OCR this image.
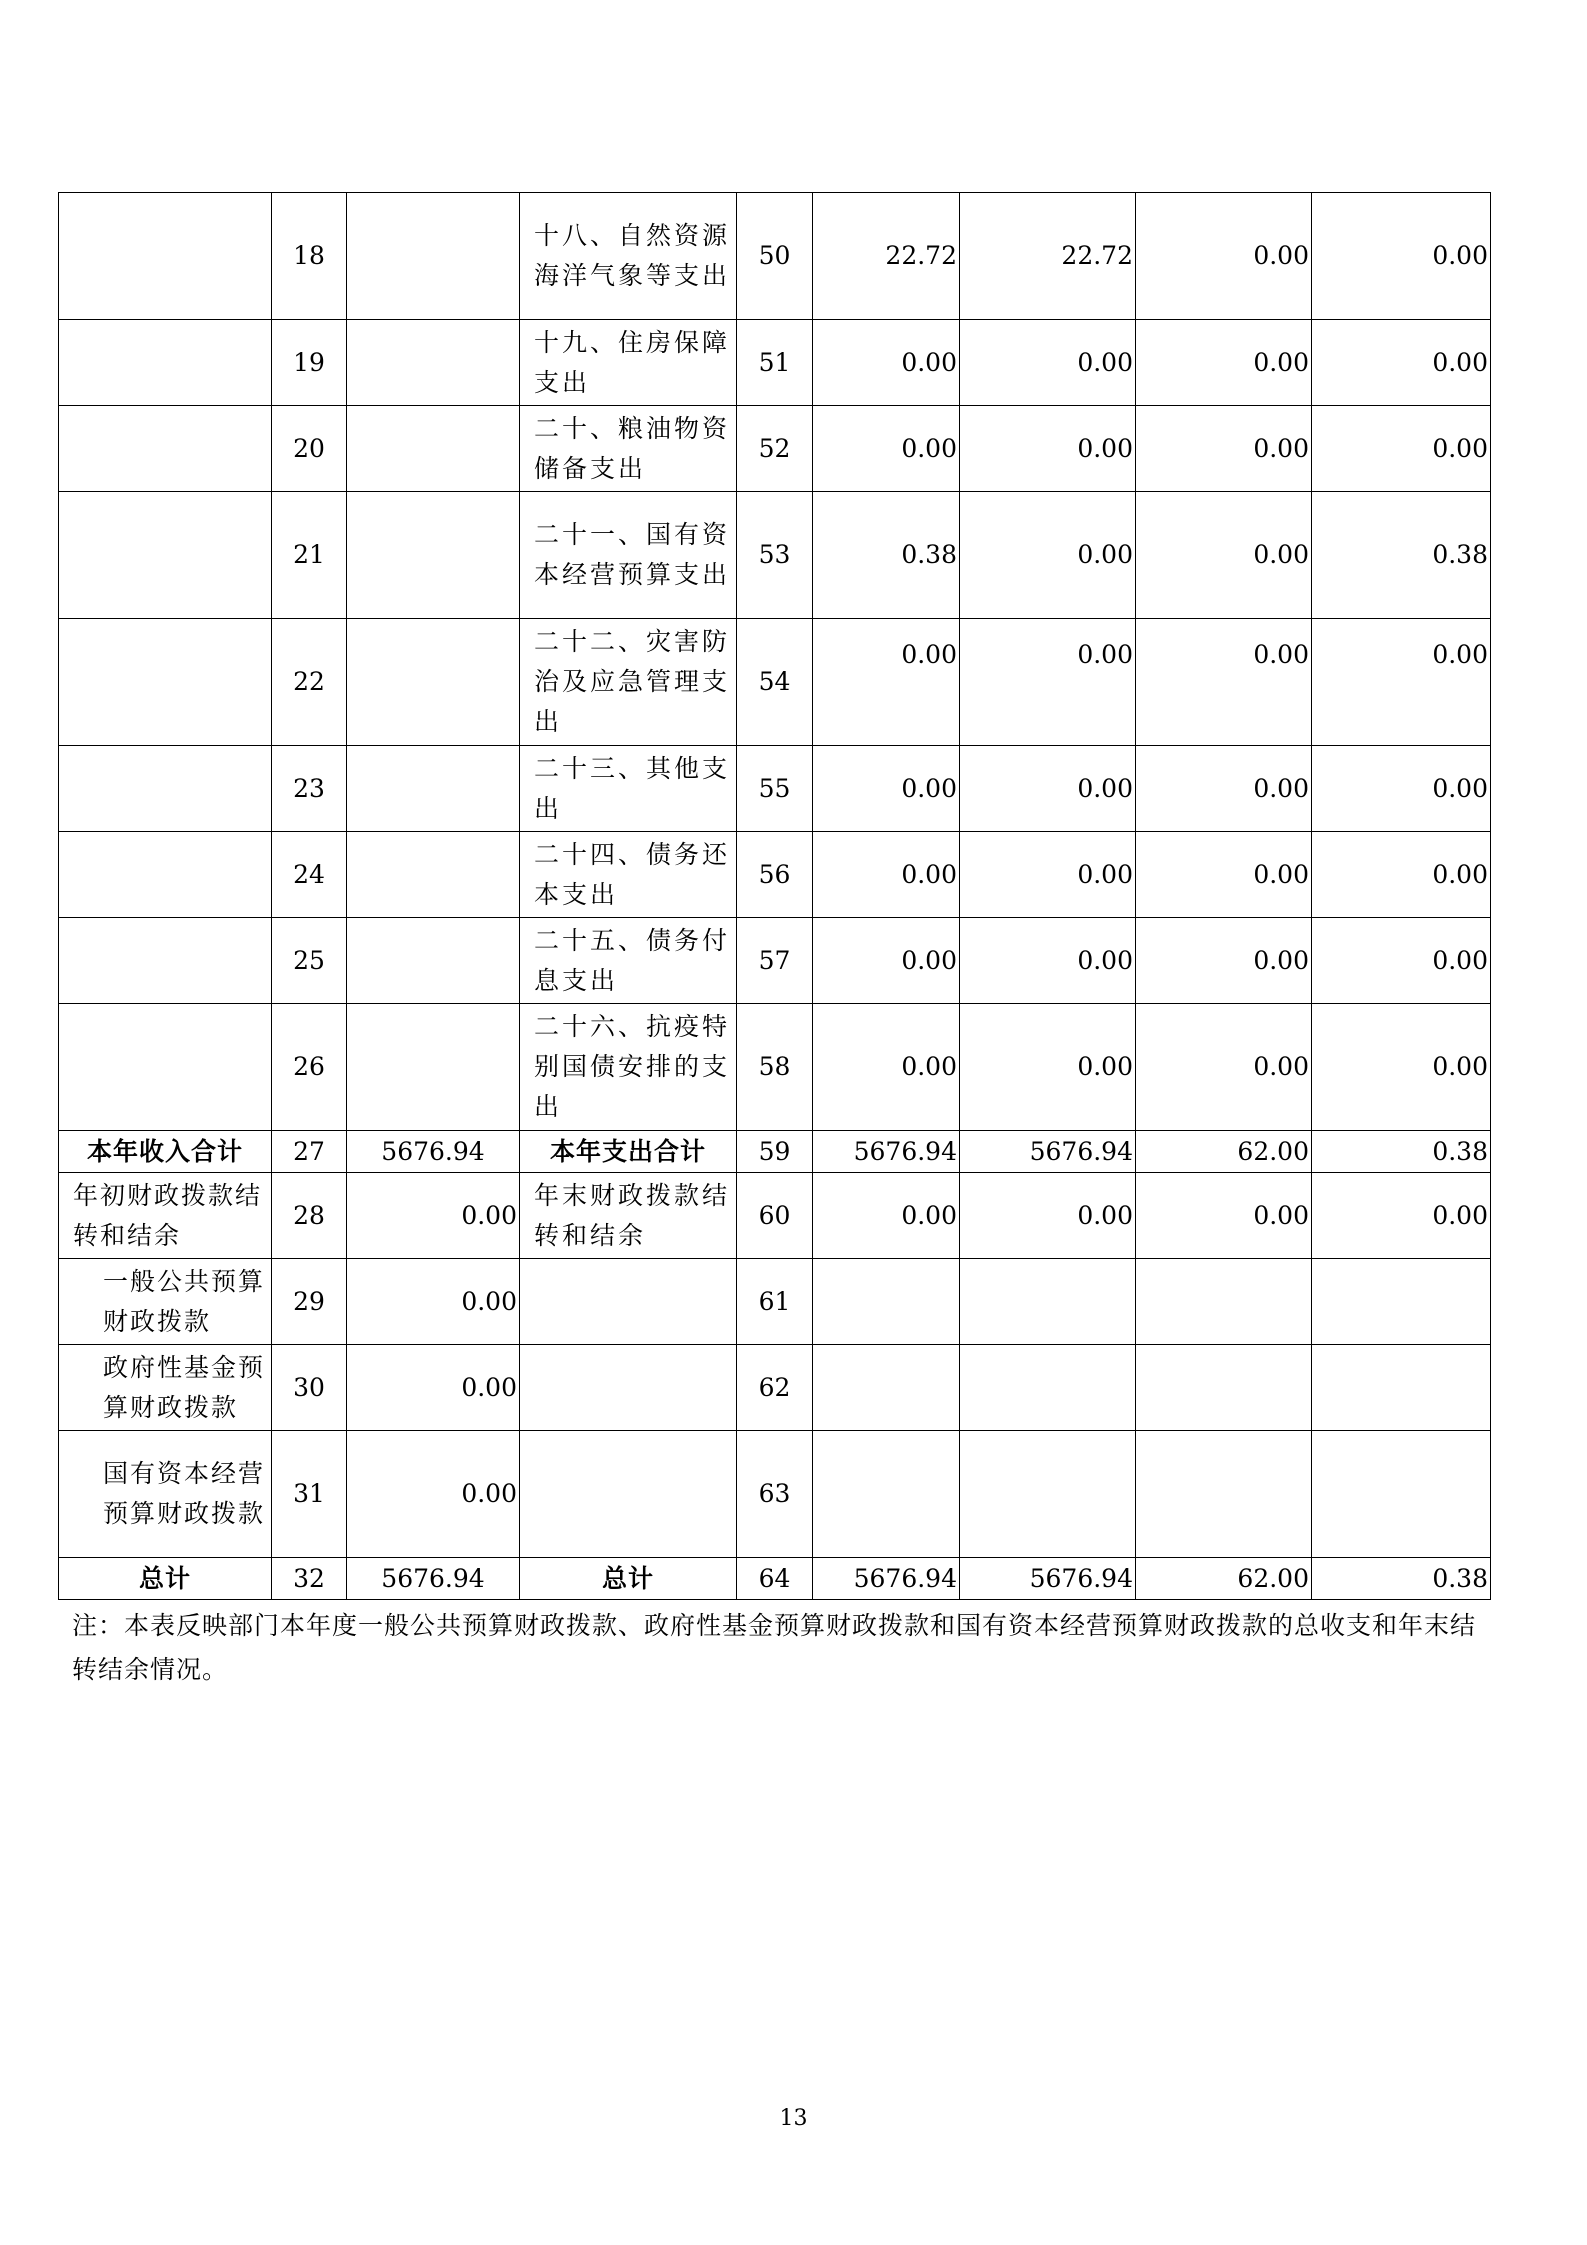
	18		十八、自然资源海洋气象等支出	50	22.72	22.72	0.00	0.00
	19		十九、住房保障支出	51	0.00	0.00	0.00	0.00
	20		二十、粮油物资储备支出	52	0.00	0.00	0.00	0.00
	21		二十一、国有资本经营预算支出	53	0.38	0.00	0.00	0.38
	22		二十二、灾害防治及应急管理支出	54	0.00	0.00	0.00	0.00
	23		二十三、其他支出	55	0.00	0.00	0.00	0.00
	24		二十四、债务还本支出	56	0.00	0.00	0.00	0.00
	25		二十五、债务付息支出	57	0.00	0.00	0.00	0.00
	26		二十六、抗疫特别国债安排的支出	58	0.00	0.00	0.00	0.00
本年收入合计	27	5676.94	本年支出合计	59	5676.94	5676.94	62.00	0.38
年初财政拨款结转和结余	28	0.00	年末财政拨款结转和结余	60	0.00	0.00	0.00	0.00
一般公共预算财政拨款	29	0.00		61				
政府性基金预算财政拨款	30	0.00		62				
国有资本经营预算财政拨款	31	0.00		63				
总计	32	5676.94	总计	64	5676.94	5676.94	62.00	0.38

注：本表反映部门本年度一般公共预算财政拨款、政府性基金预算财政拨款和国有资本经营预算财政拨款的总收支和年末结转结余情况。

13
